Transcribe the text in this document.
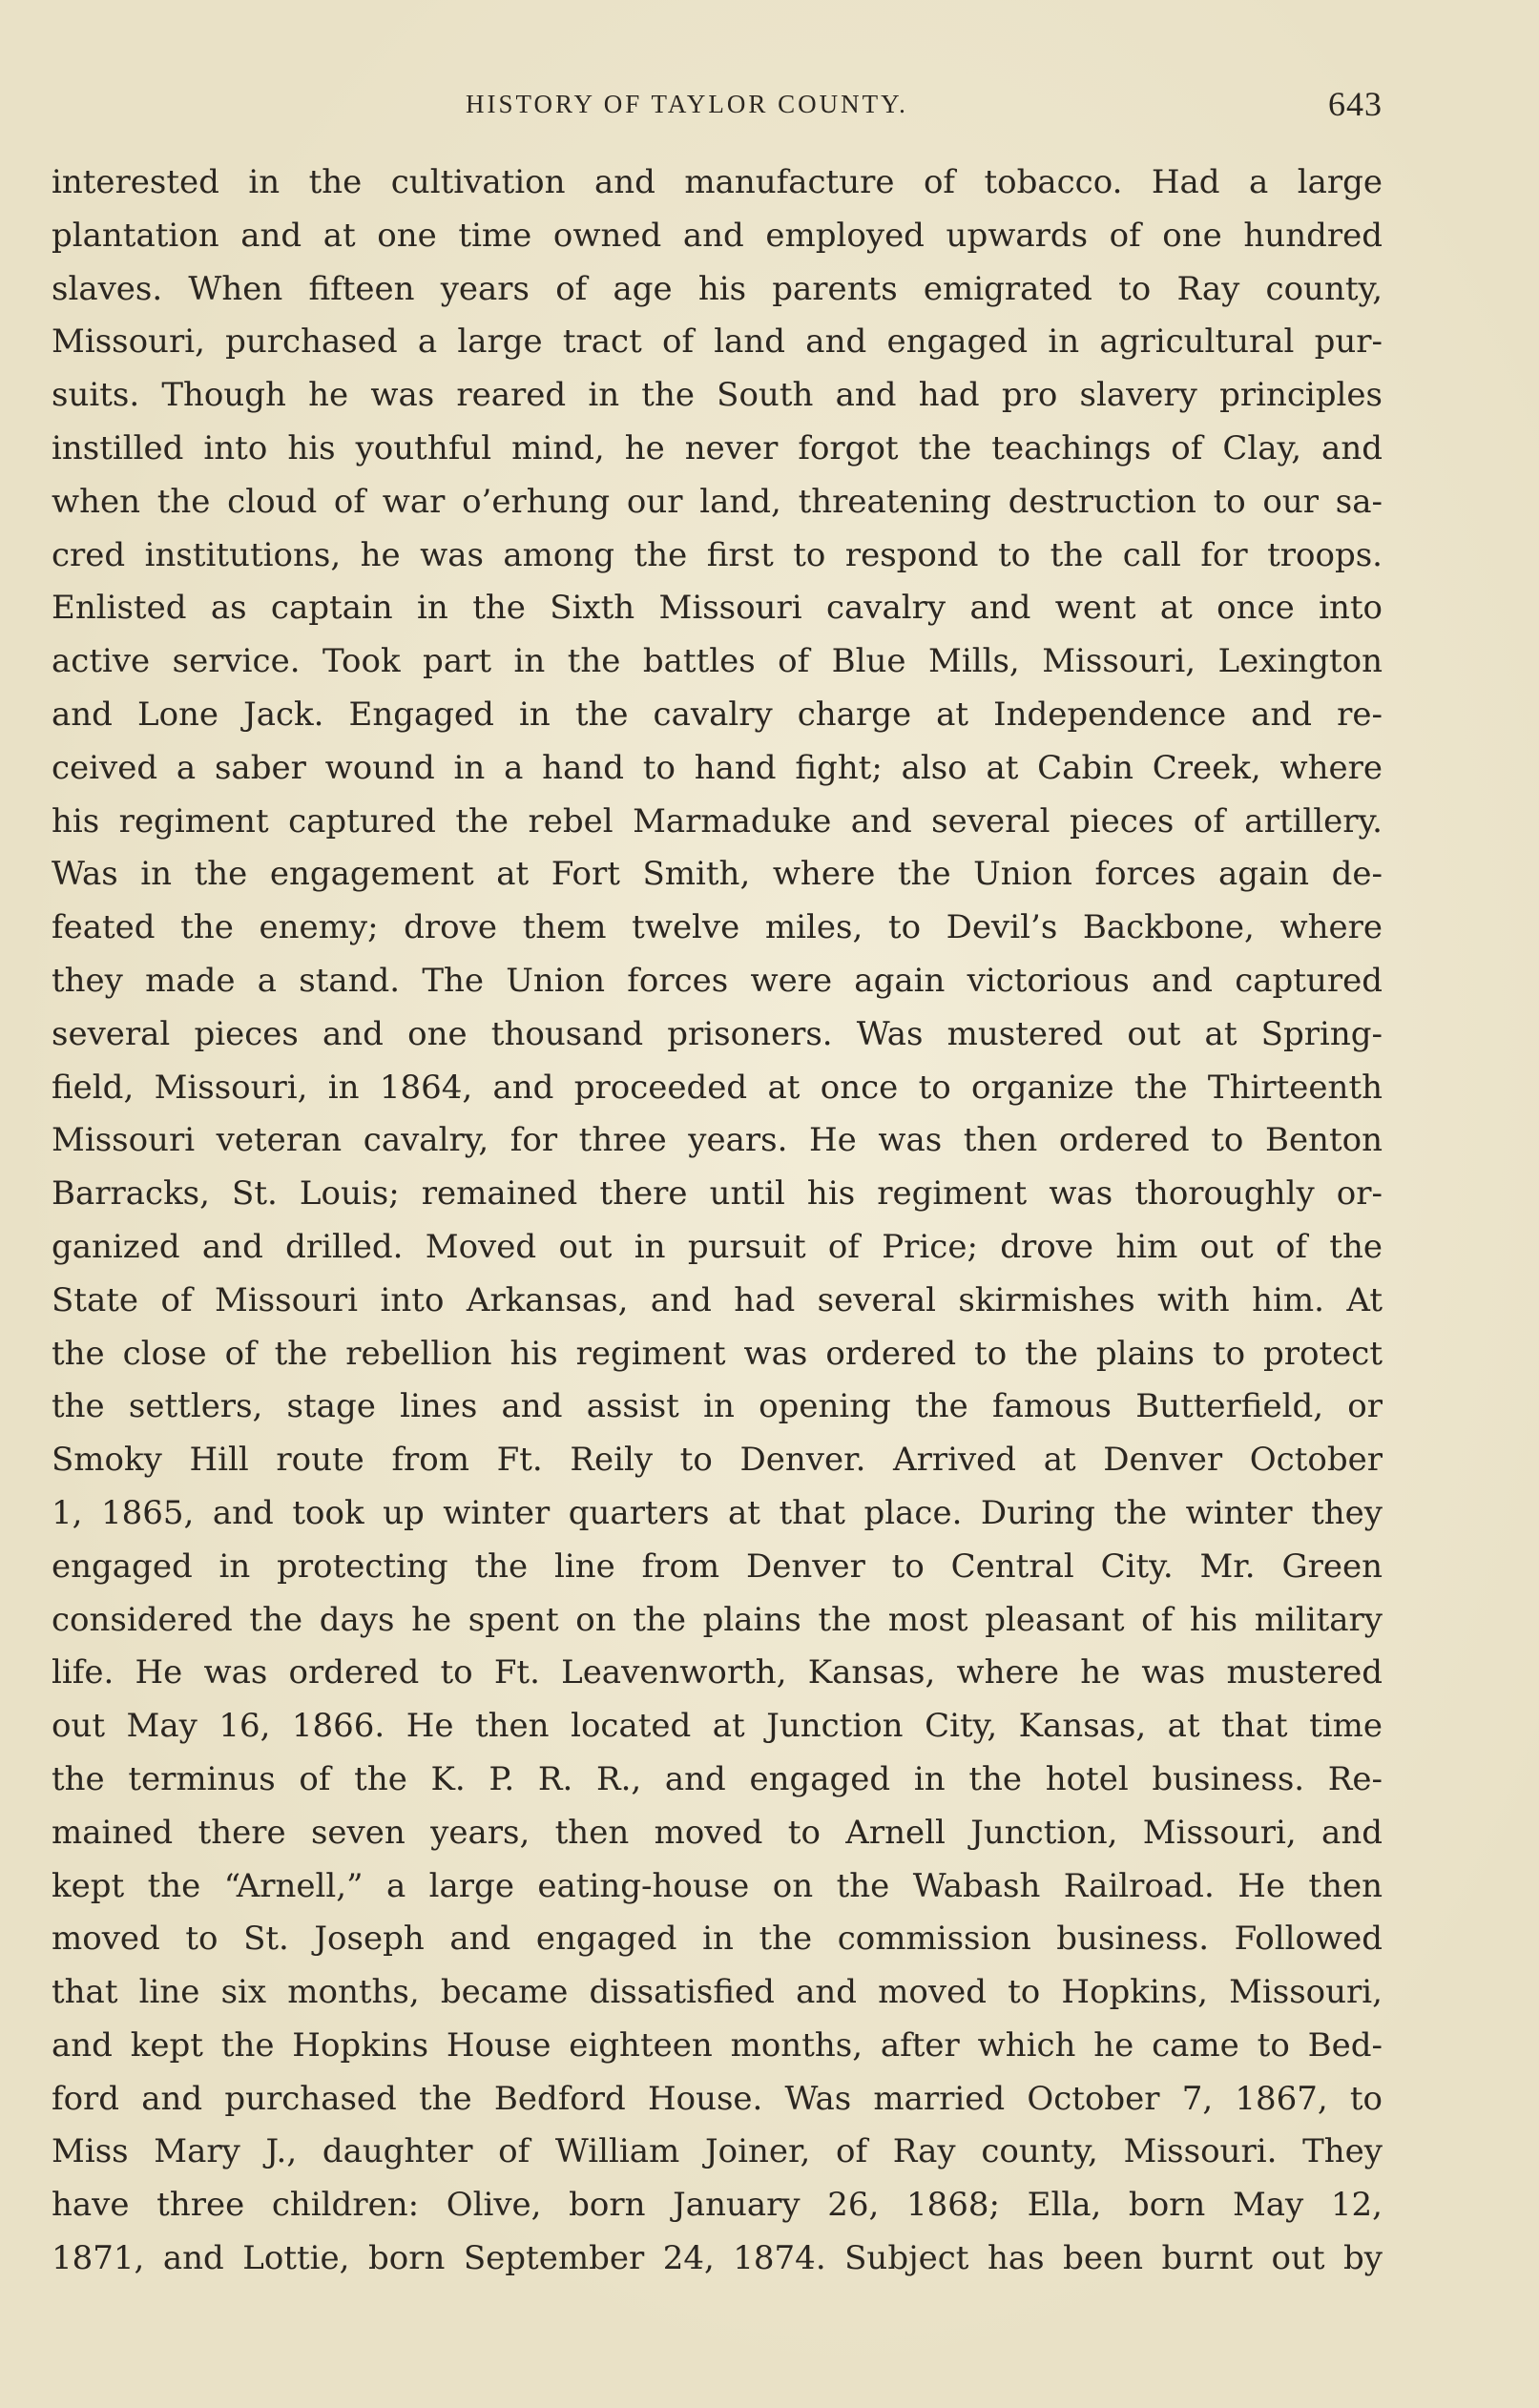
HISTORY OF TAYLOR COUNTY.	643
interested in the cultivation and manufacture of tobacco. Had a large
plantation and at one time owned and employed upwards of one hundred
slaves. When fifteen years of age his parents emigrated to Ray county,
Missouri, purchased a large tract of land and engaged in agricultural pur-
suits. Though he was reared in the South and had pro slavery principles
instilled into his youthful mind, he never forgot the teachings of Clay, and
when the cloud of war o’erhung our land, threatening destruction to our sa-
cred institutions, he was among the first to respond to the call for troops.
Enlisted as captain in the Sixth Missouri cavalry and went at once into
active service. Took part in the battles of Blue Mills, Missouri, Lexington
and Lone Jack. Engaged in the cavalry charge at Independence and re-
ceived a saber wound in a hand to hand fight; also at Cabin Creek, where
his regiment captured the rebel Marmaduke and several pieces of artillery.
Was in the engagement at Fort Smith, where the Union forces again de-
feated the enemy; drove them twelve miles, to Devil’s Backbone, where
they made a stand. The Union forces were again victorious and captured
several pieces and one thousand prisoners. Was mustered out at Spring-
field, Missouri, in 1864, and proceeded at once to organize the Thirteenth
Missouri veteran cavalry, for three years. He was then ordered to Benton
Barracks, St. Louis; remained there until his regiment was thoroughly or-
ganized and drilled. Moved out in pursuit of Price; drove him out of the
State of Missouri into Arkansas, and had several skirmishes with him. At
the close of the rebellion his regiment was ordered to the plains to protect
the settlers, stage lines and assist in opening the famous Butterfield, or
Smoky Hill route from Ft. Reily to Denver. Arrived at Denver October
1, 1865, and took up winter quarters at that place. During the winter they
engaged in protecting the line from Denver to Central City. Mr. Green
considered the days he spent on the plains the most pleasant of his military
life. He was ordered to Ft. Leavenworth, Kansas, where he was mustered
out May 16, 1866. He then located at Junction City, Kansas, at that time
the terminus of the K. P. R. R., and engaged in the hotel business. Re-
mained there seven years, then moved to Arnell Junction, Missouri, and
kept the “Arnell,” a large eating-house on the Wabash Railroad. He then
moved to St. Joseph and engaged in the commission business. Followed
that line six months, became dissatisfied and moved to Hopkins, Missouri,
and kept the Hopkins House eighteen months, after which he came to Bed-
ford and purchased the Bedford House. Was married October 7, 1867, to
Miss Mary J., daughter of William Joiner, of Ray county, Missouri. They
have three children: Olive, born January 26, 1868; Ella, born May 12,
1871, and Lottie, born September 24, 1874. Subject has been burnt out by
